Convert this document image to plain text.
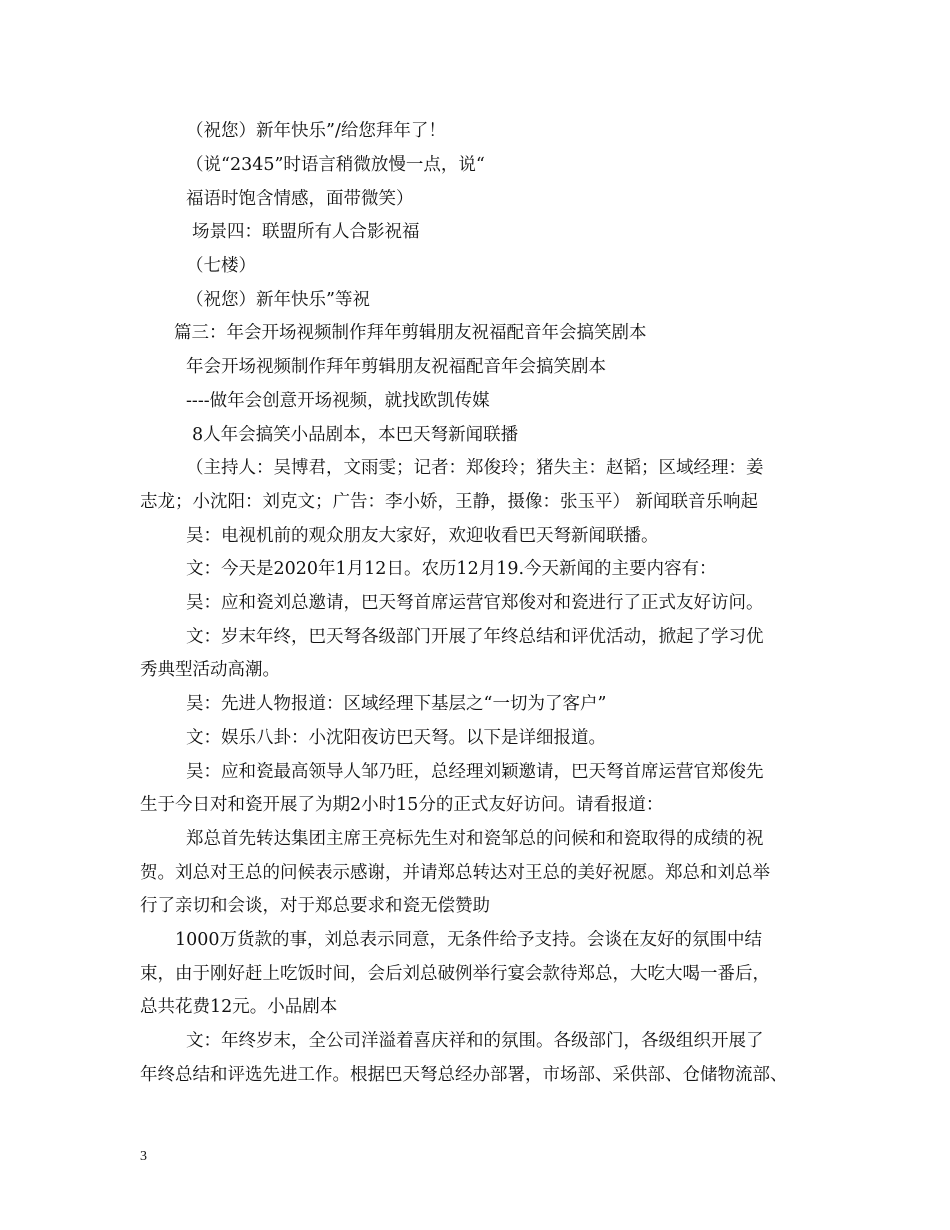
（祝您）新年快乐”/给您拜年了！

（说“2345”时语言稍微放慢一点，说“

福语时饱含情感，面带微笑）

场景四：联盟所有人合影祝福

（七楼）

（祝您）新年快乐”等祝

篇三：年会开场视频制作拜年剪辑朋友祝福配音年会搞笑剧本

年会开场视频制作拜年剪辑朋友祝福配音年会搞笑剧本

----做年会创意开场视频，就找欧凯传媒

8人年会搞笑小品剧本，本巴天弩新闻联播

（主持人：吴博君，文雨雯；记者：郑俊玲；猪失主：赵韬；区域经理：姜

志龙；小沈阳：刘克文；广告：李小娇，王静，摄像：张玉平） 新闻联音乐响起

吴：电视机前的观众朋友大家好，欢迎收看巴天弩新闻联播。

文：今天是2020年1月12日。农历12月19.今天新闻的主要内容有：

吴：应和瓷刘总邀请，巴天弩首席运营官郑俊对和瓷进行了正式友好访问。

文：岁末年终，巴天弩各级部门开展了年终总结和评优活动，掀起了学习优

秀典型活动高潮。

吴：先进人物报道：区域经理下基层之“一切为了客户”

文：娱乐八卦：小沈阳夜访巴天弩。以下是详细报道。

吴：应和瓷最高领导人邹乃旺，总经理刘颖邀请，巴天弩首席运营官郑俊先

生于今日对和瓷开展了为期2小时15分的正式友好访问。请看报道：

郑总首先转达集团主席王亮标先生对和瓷邹总的问候和和瓷取得的成绩的祝

贺。刘总对王总的问候表示感谢，并请郑总转达对王总的美好祝愿。郑总和刘总举

行了亲切和会谈，对于郑总要求和瓷无偿赞助

1000万货款的事，刘总表示同意，无条件给予支持。会谈在友好的氛围中结

束，由于刚好赶上吃饭时间，会后刘总破例举行宴会款待郑总，大吃大喝一番后，

总共花费12元。小品剧本

文：年终岁末，全公司洋溢着喜庆祥和的氛围。各级部门，各级组织开展了

年终总结和评选先进工作。根据巴天弩总经办部署，市场部、采供部、仓储物流部、

3
